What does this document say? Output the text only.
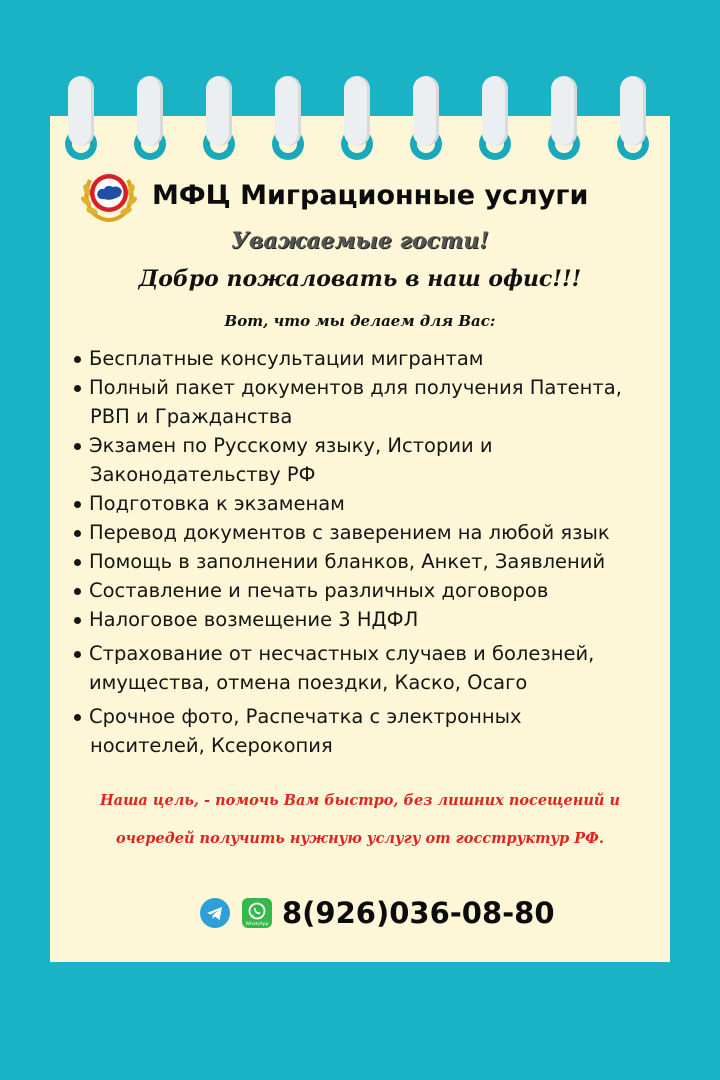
МФЦ Миграционные услуги
Уважаемые гости!
Добро пожаловать в наш офис!!!
Вот, что мы делаем для Вас:
Бесплатные консультации мигрантам
Полный пакет документов для получения Патента,
РВП и Гражданства
Экзамен по Русскому языку, Истории и
Законодательству РФ
Подготовка к экзаменам
Перевод документов с заверением на любой язык
Помощь в заполнении бланков, Анкет, Заявлений
Составление и печать различных договоров
Налоговое возмещение 3 НДФЛ
Страхование от несчастных случаев и болезней,
имущества, отмена поездки, Каско, Осаго
Срочное фото, Распечатка с электронных
носителей, Ксерокопия
Наша цель, - помочь Вам быстро, без лишних посещений и
очередей получить нужную услугу от госструктур РФ.
WhatsApp 8(926)036-08-80
